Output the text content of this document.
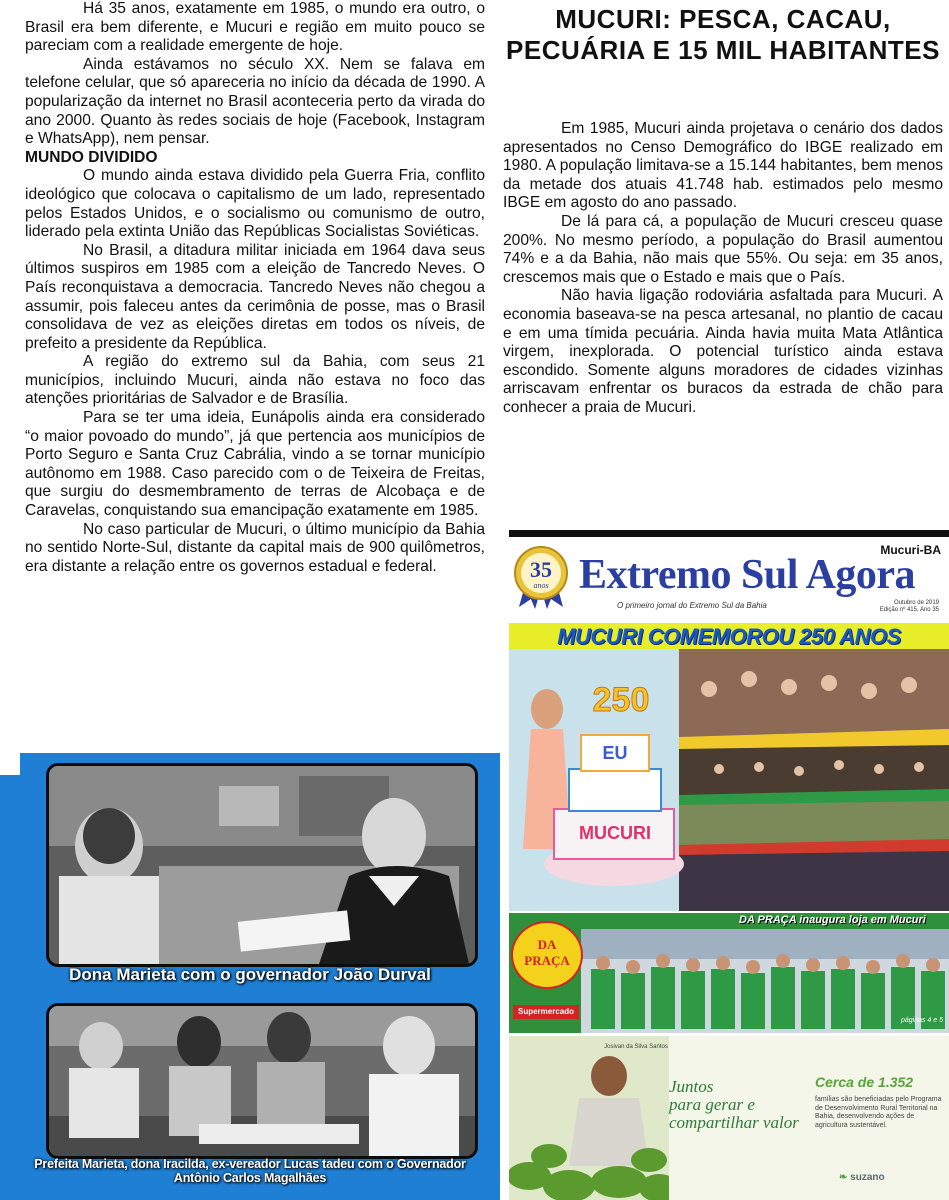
Há 35 anos, exatamente em 1985, o mundo era outro, o Brasil era bem diferente, e Mucuri e região em muito pouco se pareciam com a realidade emergente de hoje.

Ainda estávamos no século XX. Nem se falava em telefone celular, que só apareceria no início da década de 1990. A popularização da internet no Brasil aconteceria perto da virada do ano 2000. Quanto às redes sociais de hoje (Facebook, Instagram e WhatsApp), nem pensar.

MUNDO DIVIDIDO

O mundo ainda estava dividido pela Guerra Fria, conflito ideológico que colocava o capitalismo de um lado, representado pelos Estados Unidos, e o socialismo ou comunismo de outro, liderado pela extinta União das Repúblicas Socialistas Soviéticas.

No Brasil, a ditadura militar iniciada em 1964 dava seus últimos suspiros em 1985 com a eleição de Tancredo Neves. O País reconquistava a democracia. Tancredo Neves não chegou a assumir, pois faleceu antes da cerimônia de posse, mas o Brasil consolidava de vez as eleições diretas em todos os níveis, de prefeito a presidente da República.

A região do extremo sul da Bahia, com seus 21 municípios, incluindo Mucuri, ainda não estava no foco das atenções prioritárias de Salvador e de Brasília.

Para se ter uma ideia, Eunápolis ainda era considerado “o maior povoado do mundo”, já que pertencia aos municípios de Porto Seguro e Santa Cruz Cabrália, vindo a se tornar município autônomo em 1988. Caso parecido com o de Teixeira de Freitas, que surgiu do desmembramento de terras de Alcobaça e de Caravelas, conquistando sua emancipação exatamente em 1985.

No caso particular de Mucuri, o último município da Bahia no sentido Norte-Sul, distante da capital mais de 900 quilômetros, era distante a relação entre os governos estadual e federal.

MUCURI: PESCA, CACAU, PECUÁRIA E 15 MIL HABITANTES

Em 1985, Mucuri ainda projetava o cenário dos dados apresentados no Censo Demográfico do IBGE realizado em 1980. A população limitava-se a 15.144 habitantes, bem menos da metade dos atuais 41.748 hab. estimados pelo mesmo IBGE em agosto do ano passado.

De lá para cá, a população de Mucuri cresceu quase 200%. No mesmo período, a população do Brasil aumentou 74% e a da Bahia, não mais que 55%. Ou seja: em 35 anos, crescemos mais que o Estado e mais que o País.

Não havia ligação rodoviária asfaltada para Mucuri. A economia baseava-se na pesca artesanal, no plantio de cacau e em uma tímida pecuária. Ainda havia muita Mata Atlântica virgem, inexplorada. O potencial turístico ainda estava escondido. Somente alguns moradores de cidades vizinhas arriscavam enfrentar os buracos da estrada de chão para conhecer a praia de Mucuri.

Dona Marieta com o governador João Durval
Prefeita Marieta, dona Iracilda, ex-vereador Lucas tadeu com o Governador Antônio Carlos Magalhães
35
anos Extremo Sul Agora
Mucuri-BA
O primeiro jornal do Extremo Sul da Bahia	Outubro de 2019
Edição nº 415, Ano 35
MUCURI COMEMOROU 250 ANOS
EU
MUCURI
250
DA PRAÇA inaugura loja em Mucuri
DA
PRAÇA
Supermercado
páginas 4 e 5
Josivan da Silva Santos
Juntos
para gerar e
compartilhar valor
Cerca de 1.352
famílias são beneficiadas pelo Programa de Desenvolvimento Rural Territorial na Bahia, desenvolvendo ações de agricultura sustentável.
❧ suzano
